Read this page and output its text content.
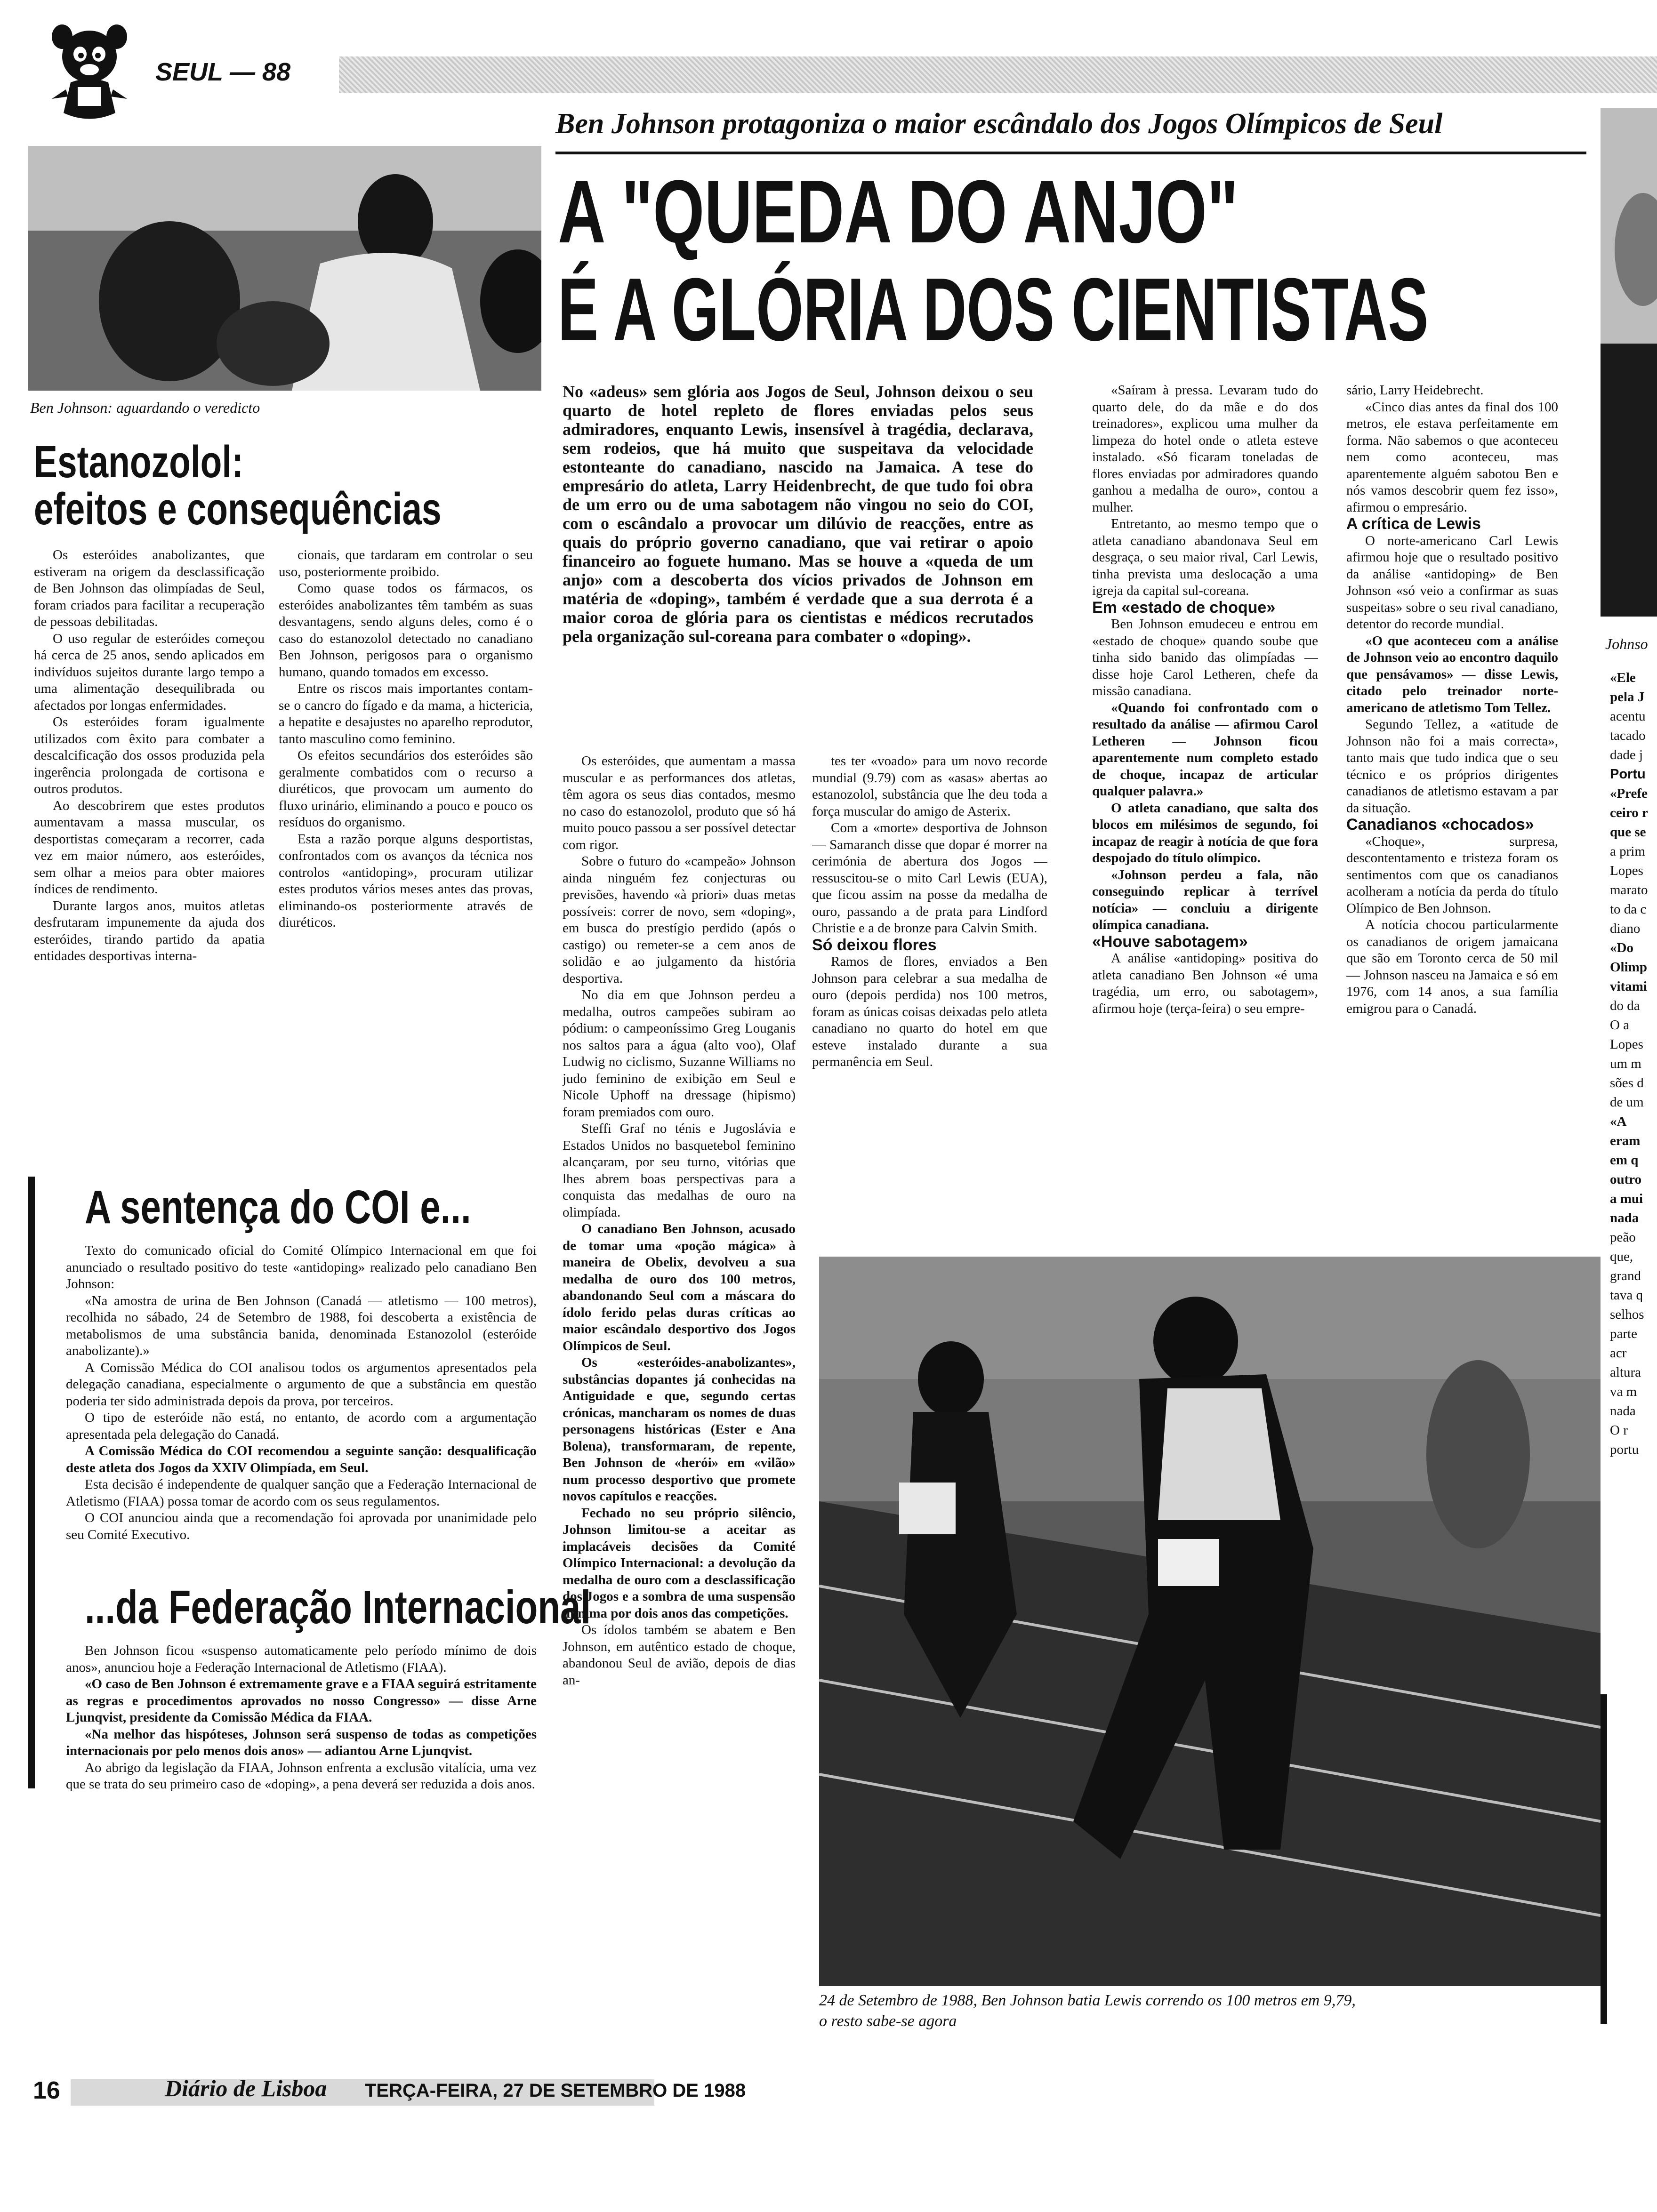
SEUL — 88
Ben Johnson protagoniza o maior escândalo dos Jogos Olímpicos de Seul
A "QUEDA DO ANJO"
É A GLÓRIA DOS CIENTISTAS
Ben Johnson: aguardando o veredicto
Estanozolol:
efeitos e consequências

Os esteróides anabolizantes, que estiveram na origem da desclassificação de Ben Johnson das olimpíadas de Seul, foram criados para facilitar a recuperação de pessoas debilitadas.

O uso regular de esteróides começou há cerca de 25 anos, sendo aplicados em indivíduos sujeitos durante largo tempo a uma alimentação desequilibrada ou afectados por longas enfermidades.

Os esteróides foram igualmente utilizados com êxito para combater a descalcificação dos ossos produzida pela ingerência prolongada de cortisona e outros produtos.

Ao descobrirem que estes produtos aumentavam a massa muscular, os desportistas começaram a recorrer, cada vez em maior número, aos esteróides, sem olhar a meios para obter maiores índices de rendimento.

Durante largos anos, muitos atletas desfrutaram impunemente da ajuda dos esteróides, tirando partido da apatia entidades desportivas interna-

cionais, que tardaram em controlar o seu uso, posteriormente proibido.

Como quase todos os fármacos, os esteróides anabolizantes têm também as suas desvantagens, sendo alguns deles, como é o caso do estanozolol detectado no canadiano Ben Johnson, perigosos para o organismo humano, quando tomados em excesso.

Entre os riscos mais importantes contam-se o cancro do fígado e da mama, a hictericia, a hepatite e desajustes no aparelho reprodutor, tanto masculino como feminino.

Os efeitos secundários dos esteróides são geralmente combatidos com o recurso a diuréticos, que provocam um aumento do fluxo urinário, eliminando a pouco e pouco os resíduos do organismo.

Esta a razão porque alguns desportistas, confrontados com os avanços da técnica nos controlos «antidoping», procuram utilizar estes produtos vários meses antes das provas, eliminando-os posteriormente através de diuréticos.

A sentença do COI e...

Texto do comunicado oficial do Comité Olímpico Internacional em que foi anunciado o resultado positivo do teste «antidoping» realizado pelo canadiano Ben Johnson:

«Na amostra de urina de Ben Johnson (Canadá — atletismo — 100 metros), recolhida no sábado, 24 de Setembro de 1988, foi descoberta a existência de metabolismos de uma substância banida, denominada Estanozolol (esteróide anabolizante).»

A Comissão Médica do COI analisou todos os argumentos apresentados pela delegação canadiana, especialmente o argumento de que a substância em questão poderia ter sido administrada depois da prova, por terceiros.

O tipo de esteróide não está, no entanto, de acordo com a argumentação apresentada pela delegação do Canadá.

A Comissão Médica do COI recomendou a seguinte sanção: desqualificação deste atleta dos Jogos da XXIV Olimpíada, em Seul.

Esta decisão é independente de qualquer sanção que a Federação Internacional de Atletismo (FIAA) possa tomar de acordo com os seus regulamentos.

O COI anunciou ainda que a recomendação foi aprovada por unanimidade pelo seu Comité Executivo.

...da Federação Internacional

Ben Johnson ficou «suspenso automaticamente pelo período mínimo de dois anos», anunciou hoje a Federação Internacional de Atletismo (FIAA).

«O caso de Ben Johnson é extremamente grave e a FIAA seguirá estritamente as regras e procedimentos aprovados no nosso Congresso» — disse Arne Ljunqvist, presidente da Comissão Médica da FIAA.

«Na melhor das hispóteses, Johnson será suspenso de todas as competições internacionais por pelo menos dois anos» — adiantou Arne Ljunqvist.

Ao abrigo da legislação da FIAA, Johnson enfrenta a exclusão vitalícia, uma vez que se trata do seu primeiro caso de «doping», a pena deverá ser reduzida a dois anos.

No «adeus» sem glória aos Jogos de Seul, Johnson deixou o seu quarto de hotel repleto de flores enviadas pelos seus admiradores, enquanto Lewis, insensível à tragédia, declarava, sem rodeios, que há muito que suspeitava da velocidade estonteante do canadiano, nascido na Jamaica. A tese do empresário do atleta, Larry Heidenbrecht, de que tudo foi obra de um erro ou de uma sabotagem não vingou no seio do COI, com o escândalo a provocar um dilúvio de reacções, entre as quais do próprio governo canadiano, que vai retirar o apoio financeiro ao foguete humano. Mas se houve a «queda de um anjo» com a descoberta dos vícios privados de Johnson em matéria de «doping», também é verdade que a sua derrota é a maior coroa de glória para os cientistas e médicos recrutados pela organização sul-coreana para combater o «doping».

Os esteróides, que aumentam a massa muscular e as performances dos atletas, têm agora os seus dias contados, mesmo no caso do estanozolol, produto que só há muito pouco passou a ser possível detectar com rigor.

Sobre o futuro do «campeão» Johnson ainda ninguém fez conjecturas ou previsões, havendo «à priori» duas metas possíveis: correr de novo, sem «doping», em busca do prestígio perdido (após o castigo) ou remeter-se a cem anos de solidão e ao julgamento da história desportiva.

No dia em que Johnson perdeu a medalha, outros campeões subiram ao pódium: o campeoníssimo Greg Louganis nos saltos para a água (alto voo), Olaf Ludwig no ciclismo, Suzanne Williams no judo feminino de exibição em Seul e Nicole Uphoff na dressage (hipismo) foram premiados com ouro.

Steffi Graf no ténis e Jugoslávia e Estados Unidos no basquetebol feminino alcançaram, por seu turno, vitórias que lhes abrem boas perspectivas para a conquista das medalhas de ouro na olimpíada.

O canadiano Ben Johnson, acusado de tomar uma «poção mágica» à maneira de Obelix, devolveu a sua medalha de ouro dos 100 metros, abandonando Seul com a máscara do ídolo ferido pelas duras críticas ao maior escândalo desportivo dos Jogos Olímpicos de Seul.

Os «esteróides-anabolizantes», substâncias dopantes já conhecidas na Antiguidade e que, segundo certas crónicas, mancharam os nomes de duas personagens históricas (Ester e Ana Bolena), transformaram, de repente, Ben Johnson de «herói» em «vilão» num processo desportivo que promete novos capítulos e reacções.

Fechado no seu próprio silêncio, Johnson limitou-se a aceitar as implacáveis decisões da Comité Olímpico Internacional: a devolução da medalha de ouro com a desclassificação dos Jogos e a sombra de uma suspensão mínima por dois anos das competições.

Os ídolos também se abatem e Ben Johnson, em autêntico estado de choque, abandonou Seul de avião, depois de dias an-

tes ter «voado» para um novo recorde mundial (9.79) com as «asas» abertas ao estanozolol, substância que lhe deu toda a força muscular do amigo de Asterix.

Com a «morte» desportiva de Johnson — Samaranch disse que dopar é morrer na cerimónia de abertura dos Jogos — ressuscitou-se o mito Carl Lewis (EUA), que ficou assim na posse da medalha de ouro, passando a de prata para Lindford Christie e a de bronze para Calvin Smith.

Só deixou flores

Ramos de flores, enviados a Ben Johnson para celebrar a sua medalha de ouro (depois perdida) nos 100 metros, foram as únicas coisas deixadas pelo atleta canadiano no quarto do hotel em que esteve instalado durante a sua permanência em Seul.

«Saíram à pressa. Levaram tudo do quarto dele, do da mãe e do dos treinadores», explicou uma mulher da limpeza do hotel onde o atleta esteve instalado. «Só ficaram toneladas de flores enviadas por admiradores quando ganhou a medalha de ouro», contou a mulher.

Entretanto, ao mesmo tempo que o atleta canadiano abandonava Seul em desgraça, o seu maior rival, Carl Lewis, tinha prevista uma deslocação a uma igreja da capital sul-coreana.

Em «estado de choque»

Ben Johnson emudeceu e entrou em «estado de choque» quando soube que tinha sido banido das olimpíadas — disse hoje Carol Letheren, chefe da missão canadiana.

«Quando foi confrontado com o resultado da análise — afirmou Carol Letheren — Johnson ficou aparentemente num completo estado de choque, incapaz de articular qualquer palavra.»

O atleta canadiano, que salta dos blocos em milésimos de segundo, foi incapaz de reagir à notícia de que fora despojado do título olímpico.

«Johnson perdeu a fala, não conseguindo replicar à terrível notícia» — concluiu a dirigente olímpica canadiana.

«Houve sabotagem»

A análise «antidoping» positiva do atleta canadiano Ben Johnson «é uma tragédia, um erro, ou sabotagem», afirmou hoje (terça-feira) o seu empre-

sário, Larry Heidebrecht.

«Cinco dias antes da final dos 100 metros, ele estava perfeitamente em forma. Não sabemos o que aconteceu nem como aconteceu, mas aparentemente alguém sabotou Ben e nós vamos descobrir quem fez isso», afirmou o empresário.

A crítica de Lewis

O norte-americano Carl Lewis afirmou hoje que o resultado positivo da análise «antidoping» de Ben Johnson «só veio a confirmar as suas suspeitas» sobre o seu rival canadiano, detentor do recorde mundial.

«O que aconteceu com a análise de Johnson veio ao encontro daquilo que pensávamos» — disse Lewis, citado pelo treinador norte-americano de atletismo Tom Tellez.

Segundo Tellez, a «atitude de Johnson não foi a mais correcta», tanto mais que tudo indica que o seu técnico e os próprios dirigentes canadianos de atletismo estavam a par da situação.

Canadianos «chocados»

«Choque», surpresa, descontentamento e tristeza foram os sentimentos com que os canadianos acolheram a notícia da perda do título Olímpico de Ben Johnson.

A notícia chocou particularmente os canadianos de origem jamaicana que são em Toronto cerca de 50 mil — Johnson nasceu na Jamaica e só em 1976, com 14 anos, a sua família emigrou para o Canadá.

24 de Setembro de 1988, Ben Johnson batia Lewis correndo os 100 metros em 9,79,
o resto sabe-se agora
Johnso
«Ele
pela J
acentu
tacado
dade j
Portu
«Prefe
ceiro r
que se
a prim
Lopes
marato
to da c
diano
«Do
Olimp
vitami
do da
O a
Lopes
um m
sões d
de um
«A
eram
em q
outro
a mui
nada
peão
que,
grand
tava q
selhos
parte
acr
altura
va m
nada
O r
portu
16	Diário de Lisboa TERÇA-FEIRA, 27 DE SETEMBRO DE 1988
